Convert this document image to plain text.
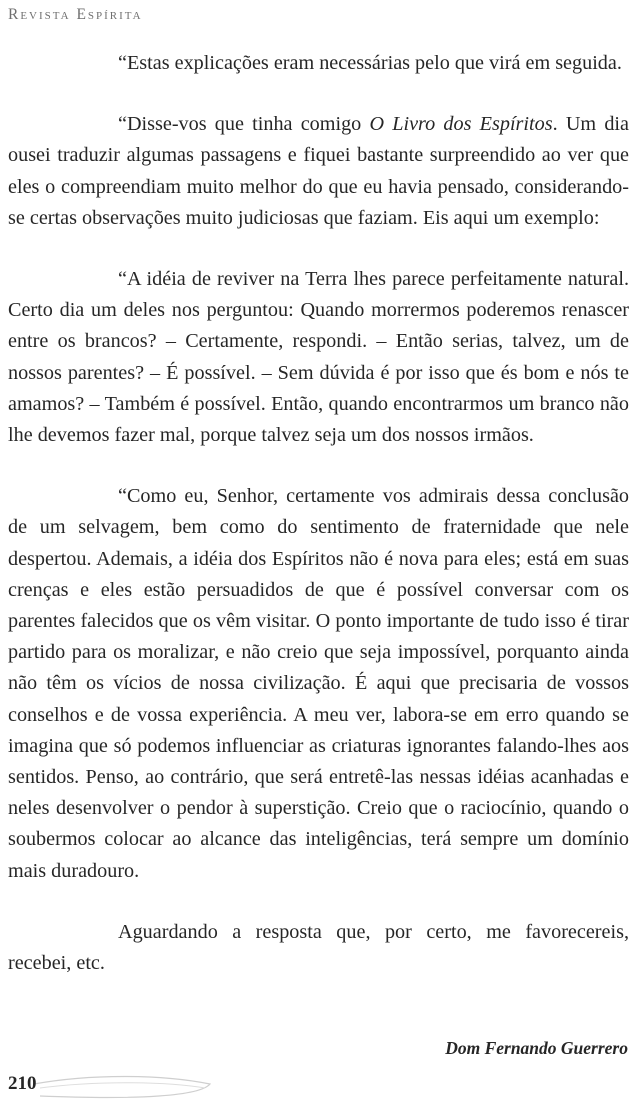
Revista Espírita

“Estas explicações eram necessárias pelo que virá em seguida.

“Disse-vos que tinha comigo O Livro dos Espíritos. Um dia ousei traduzir algumas passagens e fiquei bastante surpreendido ao ver que eles o compreendiam muito melhor do que eu havia pensado, considerando-se certas observações muito judiciosas que faziam. Eis aqui um exemplo:

“A idéia de reviver na Terra lhes parece perfeitamente natural. Certo dia um deles nos perguntou: Quando morrermos poderemos renascer entre os brancos? – Certamente, respondi. – Então serias, talvez, um de nossos parentes? – É possível. – Sem dúvida é por isso que és bom e nós te amamos? – Também é possível. Então, quando encontrarmos um branco não lhe devemos fazer mal, porque talvez seja um dos nossos irmãos.

“Como eu, Senhor, certamente vos admirais dessa conclusão de um selvagem, bem como do sentimento de fraternidade que nele despertou. Ademais, a idéia dos Espíritos não é nova para eles; está em suas crenças e eles estão persuadidos de que é possível conversar com os parentes falecidos que os vêm visitar. O ponto importante de tudo isso é tirar partido para os moralizar, e não creio que seja impossível, porquanto ainda não têm os vícios de nossa civilização. É aqui que precisaria de vossos conselhos e de vossa experiência. A meu ver, labora-se em erro quando se imagina que só podemos influenciar as criaturas ignorantes falando-lhes aos sentidos. Penso, ao contrário, que será entretê-las nessas idéias acanhadas e neles desenvolver o pendor à superstição. Creio que o raciocínio, quando o soubermos colocar ao alcance das inteligências, terá sempre um domínio mais duradouro.

Aguardando a resposta que, por certo, me favorecereis, recebei, etc.

Dom Fernando Guerrero
210
